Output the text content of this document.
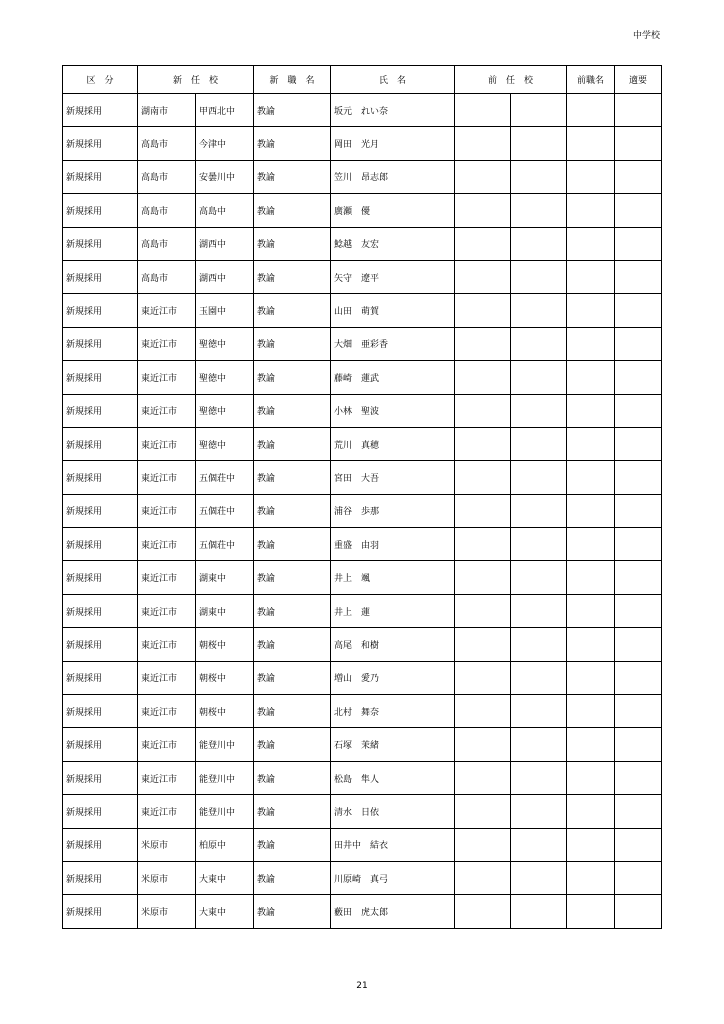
中学校
区　分	新　任　校		新　職　名	氏　名	前　任　校		前職名	適要
新規採用	湖南市	甲西北中	教諭	坂元　れい奈				
新規採用	高島市	今津中	教諭	岡田　光月				
新規採用	高島市	安曇川中	教諭	笠川　昂志郎				
新規採用	高島市	高島中	教諭	廣瀬　優				
新規採用	高島市	湖西中	教諭	鯰越　友宏				
新規採用	高島市	湖西中	教諭	矢守　遼平				
新規採用	東近江市	玉園中	教諭	山田　萌賀				
新規採用	東近江市	聖徳中	教諭	大畑　亜彩香				
新規採用	東近江市	聖徳中	教諭	藤崎　蓮武				
新規採用	東近江市	聖徳中	教諭	小林　聖波				
新規採用	東近江市	聖徳中	教諭	荒川　真穂				
新規採用	東近江市	五個荘中	教諭	宮田　大吾				
新規採用	東近江市	五個荘中	教諭	浦谷　歩那				
新規採用	東近江市	五個荘中	教諭	重盛　由羽				
新規採用	東近江市	湖東中	教諭	井上　颯				
新規採用	東近江市	湖東中	教諭	井上　蓮				
新規採用	東近江市	朝桜中	教諭	高尾　和樹				
新規採用	東近江市	朝桜中	教諭	増山　愛乃				
新規採用	東近江市	朝桜中	教諭	北村　舞奈				
新規採用	東近江市	能登川中	教諭	石塚　茉緒				
新規採用	東近江市	能登川中	教諭	松島　隼人				
新規採用	東近江市	能登川中	教諭	清水　日依				
新規採用	米原市	柏原中	教諭	田井中　結衣				
新規採用	米原市	大東中	教諭	川原崎　真弓				
新規採用	米原市	大東中	教諭	藪田　虎太郎				
21
